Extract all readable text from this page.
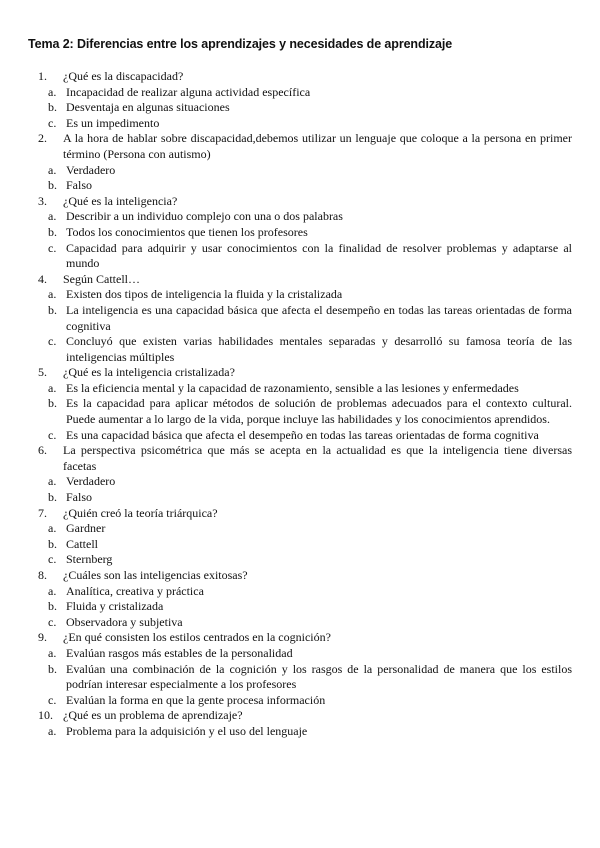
Tema 2: Diferencias entre los aprendizajes y necesidades de aprendizaje
1.	¿Qué es la discapacidad?
a. Incapacidad de realizar alguna actividad específica
b. Desventaja en algunas situaciones
c. Es un impedimento
2.	A la hora de hablar sobre discapacidad,debemos utilizar un lenguaje que coloque a la persona en primer término (Persona con autismo)
a. Verdadero
b. Falso
3.	¿Qué es la inteligencia?
a. Describir a un individuo complejo con una o dos palabras
b. Todos los conocimientos que tienen los profesores
c. Capacidad para adquirir y usar conocimientos con la finalidad de resolver problemas y adaptarse al mundo
4.	Según Cattell…
a. Existen dos tipos de inteligencia la fluida y la cristalizada
b. La inteligencia es una capacidad básica que afecta el desempeño en todas las tareas orientadas de forma cognitiva
c. Concluyó que existen varias habilidades mentales separadas y desarrolló su famosa teoría de las inteligencias múltiples
5.	¿Qué es la inteligencia cristalizada?
a. Es la eficiencia mental y la capacidad de razonamiento, sensible a las lesiones y enfermedades
b. Es la capacidad para aplicar métodos de solución de problemas adecuados para el contexto cultural. Puede aumentar a lo largo de la vida, porque incluye las habilidades y los conocimientos aprendidos.
c. Es una capacidad básica que afecta el desempeño en todas las tareas orientadas de forma cognitiva
6.	La perspectiva psicométrica que más se acepta en la actualidad es que la inteligencia tiene diversas facetas
a. Verdadero
b. Falso
7.	¿Quién creó la teoría triárquica?
a. Gardner
b. Cattell
c. Sternberg
8.	¿Cuáles son las inteligencias exitosas?
a. Analítica, creativa y práctica
b. Fluida y cristalizada
c. Observadora y subjetiva
9.	¿En qué consisten los estilos centrados en la cognición?
a. Evalúan rasgos más estables de la personalidad
b. Evalúan una combinación de la cognición y los rasgos de la personalidad de manera que los estilos podrían interesar especialmente a los profesores
c. Evalúan la forma en que la gente procesa información
10. ¿Qué es un problema de aprendizaje?
a. Problema para la adquisición y el uso del lenguaje
